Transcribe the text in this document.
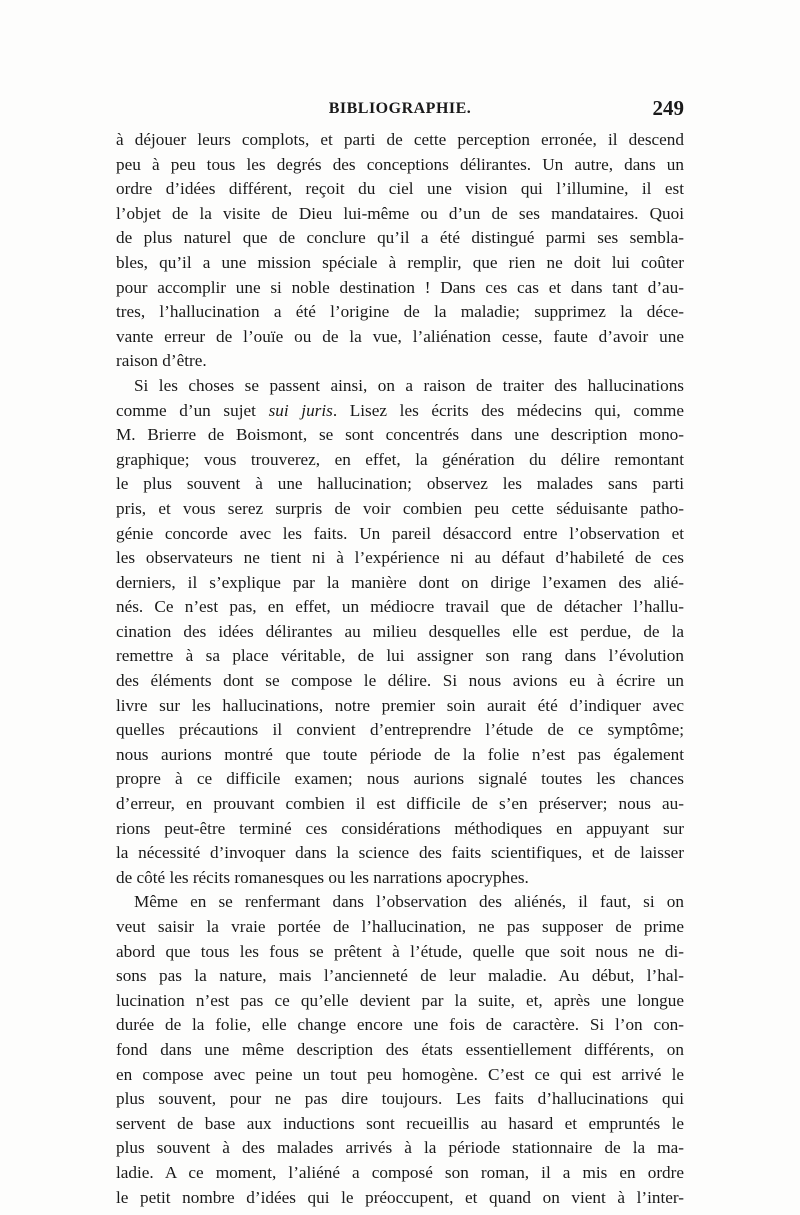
BIBLIOGRAPHIE.	249
à déjouer leurs complots, et parti de cette perception erronée, il descend
peu à peu tous les degrés des conceptions délirantes. Un autre, dans un
ordre d’idées différent, reçoit du ciel une vision qui l’illumine, il est
l’objet de la visite de Dieu lui-même ou d’un de ses mandataires. Quoi
de plus naturel que de conclure qu’il a été distingué parmi ses sembla-
bles, qu’il a une mission spéciale à remplir, que rien ne doit lui coûter
pour accomplir une si noble destination ! Dans ces cas et dans tant d’au-
tres, l’hallucination a été l’origine de la maladie; supprimez la déce-
vante erreur de l’ouïe ou de la vue, l’aliénation cesse, faute d’avoir une
raison d’être.
Si les choses se passent ainsi, on a raison de traiter des hallucinations
comme d’un sujet sui juris. Lisez les écrits des médecins qui, comme
M. Brierre de Boismont, se sont concentrés dans une description mono-
graphique; vous trouverez, en effet, la génération du délire remontant
le plus souvent à une hallucination; observez les malades sans parti
pris, et vous serez surpris de voir combien peu cette séduisante patho-
génie concorde avec les faits. Un pareil désaccord entre l’observation et
les observateurs ne tient ni à l’expérience ni au défaut d’habileté de ces
derniers, il s’explique par la manière dont on dirige l’examen des alié-
nés. Ce n’est pas, en effet, un médiocre travail que de détacher l’hallu-
cination des idées délirantes au milieu desquelles elle est perdue, de la
remettre à sa place véritable, de lui assigner son rang dans l’évolution
des éléments dont se compose le délire. Si nous avions eu à écrire un
livre sur les hallucinations, notre premier soin aurait été d’indiquer avec
quelles précautions il convient d’entreprendre l’étude de ce symptôme;
nous aurions montré que toute période de la folie n’est pas également
propre à ce difficile examen; nous aurions signalé toutes les chances
d’erreur, en prouvant combien il est difficile de s’en préserver; nous au-
rions peut-être terminé ces considérations méthodiques en appuyant sur
la nécessité d’invoquer dans la science des faits scientifiques, et de laisser
de côté les récits romanesques ou les narrations apocryphes.
Même en se renfermant dans l’observation des aliénés, il faut, si on
veut saisir la vraie portée de l’hallucination, ne pas supposer de prime
abord que tous les fous se prêtent à l’étude, quelle que soit nous ne di-
sons pas la nature, mais l’ancienneté de leur maladie. Au début, l’hal-
lucination n’est pas ce qu’elle devient par la suite, et, après une longue
durée de la folie, elle change encore une fois de caractère. Si l’on con-
fond dans une même description des états essentiellement différents, on
en compose avec peine un tout peu homogène. C’est ce qui est arrivé le
plus souvent, pour ne pas dire toujours. Les faits d’hallucinations qui
servent de base aux inductions sont recueillis au hasard et empruntés le
plus souvent à des malades arrivés à la période stationnaire de la ma-
ladie. A ce moment, l’aliéné a composé son roman, il a mis en ordre
le petit nombre d’idées qui le préoccupent, et quand on vient à l’inter-
